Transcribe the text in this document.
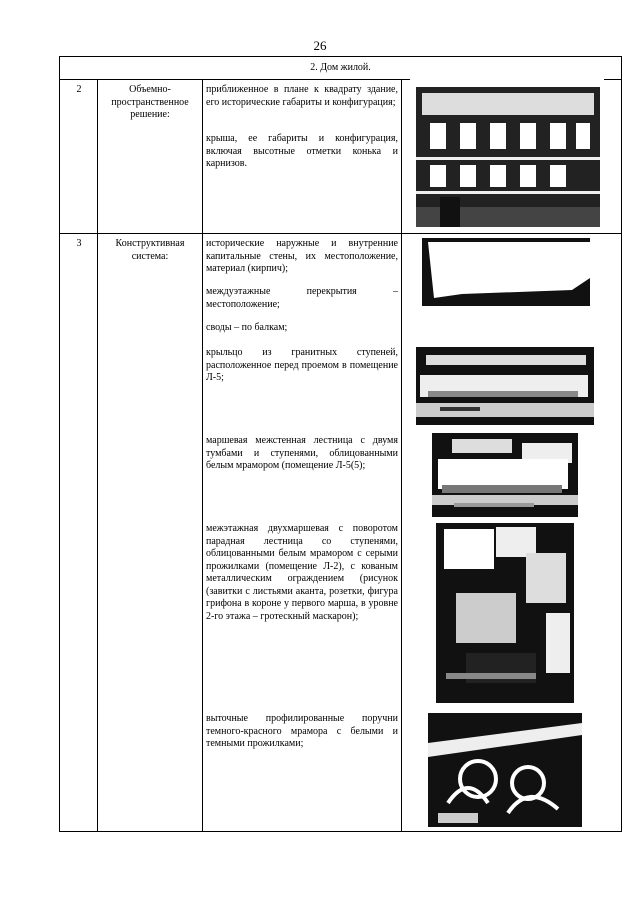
26
2. Дом жилой.
2	Объемно-пространственное решение:

приближенное в плане к квадрату здание, его исторические габариты и конфигурация;

крыша, ее габариты и конфигурация, включая высотные отметки конька и карнизов.

3	Конструктивная система:

исторические наружные и внутренние капитальные стены, их местоположение, материал (кирпич);

междуэтажные перекрытия – местоположение;

своды – по балкам;

крыльцо из гранитных ступеней, расположенное перед проемом в помещение Л-5;

маршевая межстенная лестница с двумя тумбами и ступенями, облицованными белым мрамором (помещение Л-5(5);

межэтажная двухмаршевая с поворотом парадная лестница со ступенями, облицованными белым мрамором с серыми прожилками (помещение Л-2), с кованым металлическим ограждением (рисунок (завитки с листьями аканта, розетки, фигура грифона в короне у первого марша, в уровне 2-го этажа – гротескный маскарон);

выточные профилированные поручни темного-красного мрамора с белыми и темными прожилками;
